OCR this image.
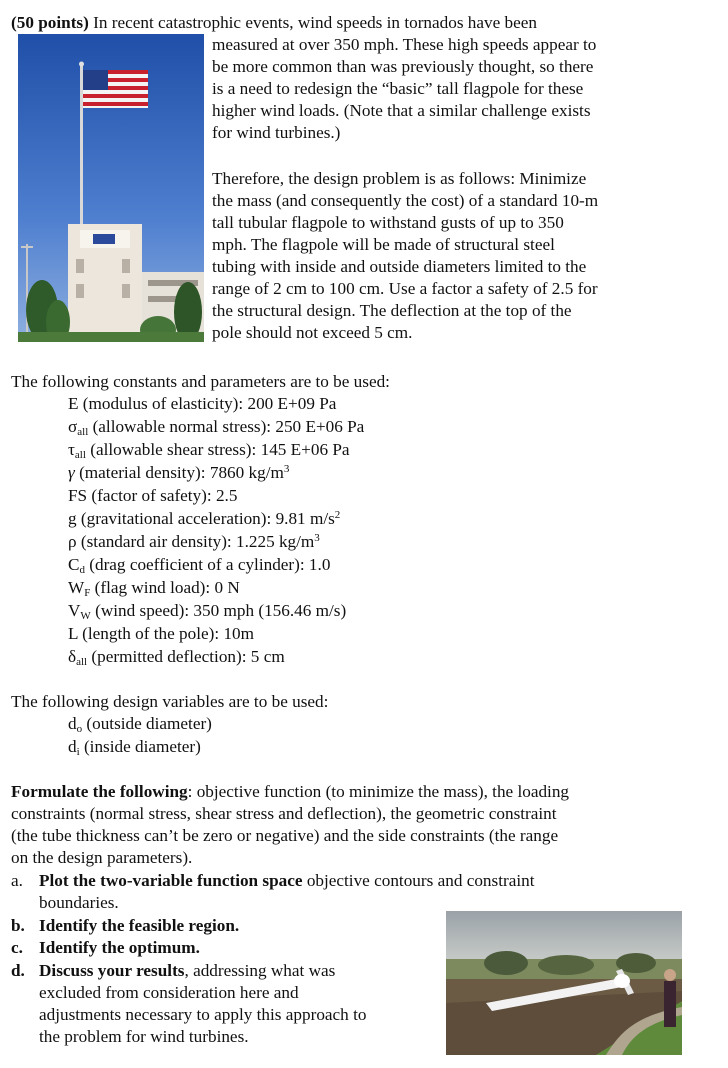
(50 points) In recent catastrophic events, wind speeds in tornados have been
measured at over 350 mph. These high speeds appear to
be more common than was previously thought, so there
is a need to redesign the “basic” tall flagpole for these
higher wind loads. (Note that a similar challenge exists
for wind turbines.)
Therefore, the design problem is as follows: Minimize
the mass (and consequently the cost) of a standard 10-m
tall tubular flagpole to withstand gusts of up to 350
mph. The flagpole will be made of structural steel
tubing with inside and outside diameters limited to the
range of 2 cm to 100 cm. Use a factor a safety of 2.5 for
the structural design. The deflection at the top of the
pole should not exceed 5 cm.
The following constants and parameters are to be used:
E (modulus of elasticity): 200 E+09 Pa
$\sigma_{all}$ (allowable normal stress): 250 E+06 Pa
$\tau_{all}$ (allowable shear stress): 145 E+06 Pa
γ (material density): 7860 $kg/m^3$
FS (factor of safety): 2.5
g (gravitational acceleration): 9.81 $m/s^2$
ρ (standard air density): 1.225 $kg/m^3$
$C_d$ (drag coefficient of a cylinder): 1.0
$W_F$ (flag wind load): 0 N
$V_W$ (wind speed): 350 mph (156.46 m/s)
L (length of the pole): 10m
$\delta_{all}$ (permitted deflection): 5 cm
The following design variables are to be used:
$d_o$ (outside diameter)
$d_i$ (inside diameter)
Formulate the following: objective function (to minimize the mass), the loading
constraints (normal stress, shear stress and deflection), the geometric constraint
(the tube thickness can’t be zero or negative) and the side constraints (the range
on the design parameters).
a. Plot the two-variable function space objective contours and constraint
boundaries.
b. Identify the feasible region.
c. Identify the optimum.
d. Discuss your results, addressing what was
excluded from consideration here and
adjustments necessary to apply this approach to
the problem for wind turbines.
